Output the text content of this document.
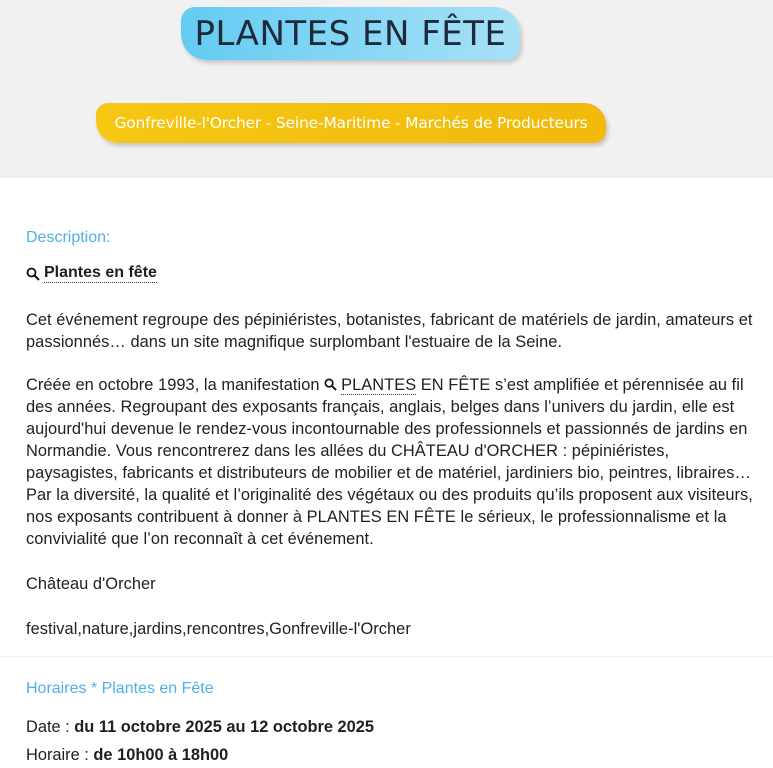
PLANTES EN FÊTE
Gonfreville-l'Orcher - Seine-Maritime - Marchés de Producteurs
Description:
Plantes en fête

Cet événement regroupe des pépiniéristes, botanistes, fabricant de matériels de jardin, amateurs et passionnés… dans un site magnifique surplombant l'estuaire de la Seine.

Créée en octobre 1993, la manifestation PLANTES EN FÊTE s’est amplifiée et pérennisée au fil des années. Regroupant des exposants français, anglais, belges dans l’univers du jardin, elle est aujourd'hui devenue le rendez-vous incontournable des professionnels et passionnés de jardins en Normandie. Vous rencontrerez dans les allées du CHÂTEAU d'ORCHER : pépiniéristes, paysagistes, fabricants et distributeurs de mobilier et de matériel, jardiniers bio, peintres, libraires… Par la diversité, la qualité et l’originalité des végétaux ou des produits qu’ils proposent aux visiteurs, nos exposants contribuent à donner à PLANTES EN FÊTE le sérieux, le professionnalisme et la convivialité que l’on reconnaît à cet événement.

Château d'Orcher

festival,nature,jardins,rencontres,Gonfreville-l'Orcher

Horaires * Plantes en Fête
Date : du 11 octobre 2025 au 12 octobre 2025
Horaire : de 10h00 à 18h00
